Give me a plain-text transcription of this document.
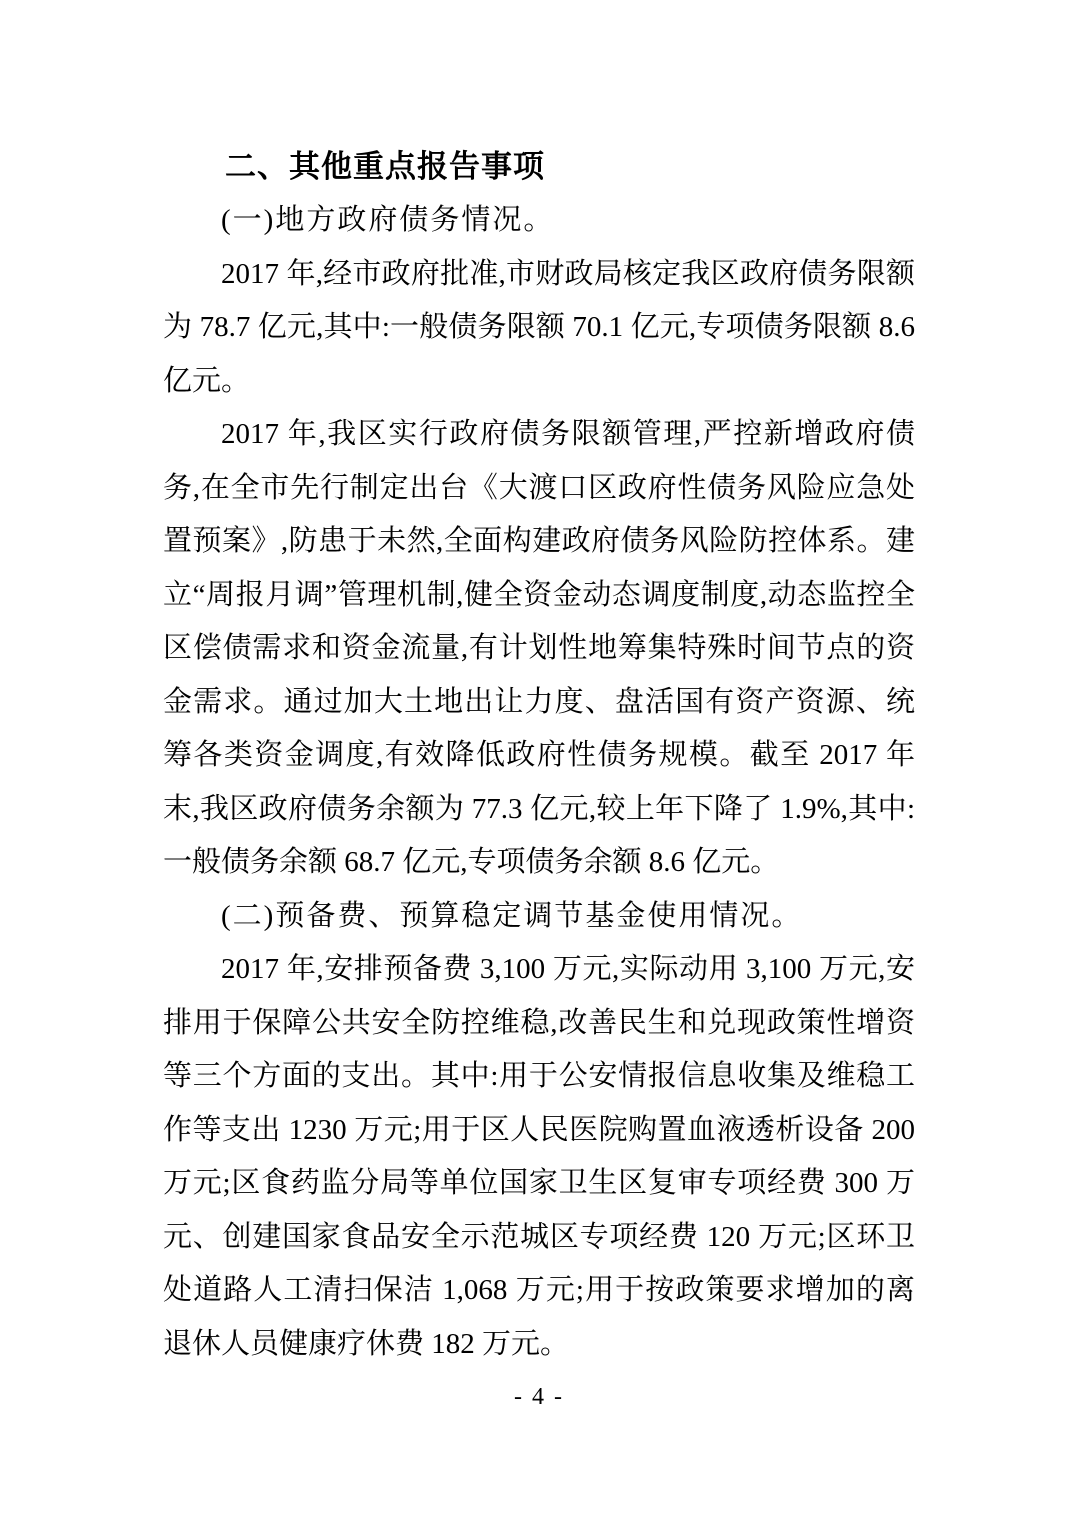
二、其他重点报告事项
(一)地方政府债务情况。

2017 年,经市政府批准,市财政局核定我区政府债务限额为 78.7 亿元,其中:一般债务限额 70.1 亿元,专项债务限额 8.6 亿元。

2017 年,我区实行政府债务限额管理,严控新增政府债务,在全市先行制定出台《大渡口区政府性债务风险应急处置预案》,防患于未然,全面构建政府债务风险防控体系。建立“周报月调”管理机制,健全资金动态调度制度,动态监控全区偿债需求和资金流量,有计划性地筹集特殊时间节点的资金需求。通过加大土地出让力度、盘活国有资产资源、统筹各类资金调度,有效降低政府性债务规模。截至 2017 年末,我区政府债务余额为 77.3 亿元,较上年下降了 1.9%,其中:一般债务余额 68.7 亿元,专项债务余额 8.6 亿元。

(二)预备费、预算稳定调节基金使用情况。

2017 年,安排预备费 3,100 万元,实际动用 3,100 万元,安排用于保障公共安全防控维稳,改善民生和兑现政策性增资等三个方面的支出。其中:用于公安情报信息收集及维稳工作等支出 1230 万元;用于区人民医院购置血液透析设备 200 万元;区食药监分局等单位国家卫生区复审专项经费 300 万元、创建国家食品安全示范城区专项经费 120 万元;区环卫处道路人工清扫保洁 1,068 万元;用于按政策要求增加的离退休人员健康疗休费 182 万元。

- 4 -
